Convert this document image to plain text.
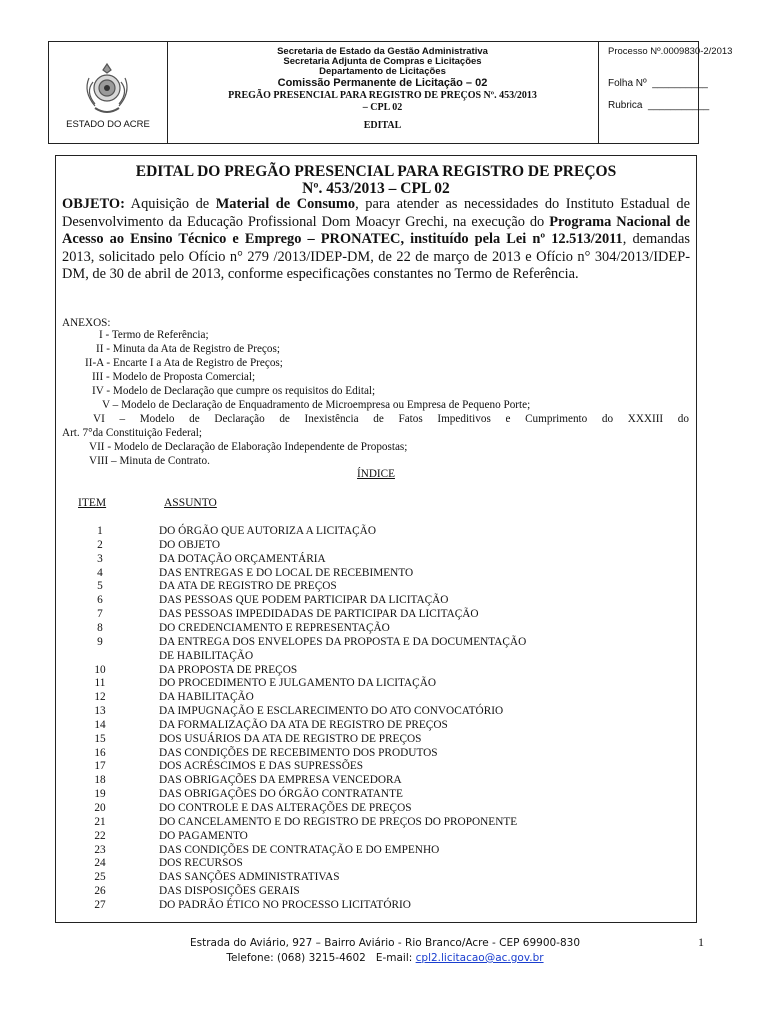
ESTADO DO ACRE
Secretaria de Estado da Gestão Administrativa
Secretaria Adjunta de Compras e Licitações
Departamento de Licitações
Comissão Permanente de Licitação – 02
PREGÃO PRESENCIAL PARA REGISTRO DE PREÇOS Nº. 453/2013
– CPL 02
EDITAL
Processo Nº.0009830-2/2013
Folha Nº  __________
Rubrica  ___________
EDITAL DO PREGÃO PRESENCIAL PARA REGISTRO DE PREÇOS
Nº. 453/2013 – CPL 02
OBJETO: Aquisição de Material de Consumo, para atender as necessidades do Instituto Estadual de Desenvolvimento da Educação Profissional Dom Moacyr Grechi, na execução do Programa Nacional de Acesso ao Ensino Técnico e Emprego – PRONATEC, instituído pela Lei nº 12.513/2011, demandas 2013, solicitado pelo Ofício n° 279 /2013/IDEP-DM, de 22 de março de 2013 e Ofício n° 304/2013/IDEP-DM, de 30 de abril de 2013, conforme especificações constantes no Termo de Referência.
ANEXOS:
I - Termo de Referência;
II - Minuta da Ata de Registro de Preços;
II-A - Encarte I a Ata de Registro de Preços;
III - Modelo de Proposta Comercial;
IV - Modelo de Declaração que cumpre os requisitos do Edital;
V – Modelo de Declaração de Enquadramento de Microempresa ou Empresa de Pequeno Porte;
VI – Modelo de Declaração de Inexistência de Fatos Impeditivos e Cumprimento do XXXIII do
Art. 7°da Constituição Federal;
VII - Modelo de Declaração de Elaboração Independente de Propostas;
VIII – Minuta de Contrato.
ÍNDICE
ITEM	ASSUNTO
1	DO ÓRGÃO QUE AUTORIZA A LICITAÇÃO
2	DO OBJETO
3	DA DOTAÇÃO ORÇAMENTÁRIA
4	DAS ENTREGAS E DO LOCAL DE RECEBIMENTO
5	DA ATA DE REGISTRO DE PREÇOS
6	DAS PESSOAS QUE PODEM PARTICIPAR DA LICITAÇÃO
7	DAS PESSOAS IMPEDIDADAS DE PARTICIPAR DA LICITAÇÃO
8	DO CREDENCIAMENTO E REPRESENTAÇÃO
9	DA ENTREGA DOS ENVELOPES DA PROPOSTA E DA DOCUMENTAÇÃO
DE HABILITAÇÃO
10	DA PROPOSTA DE PREÇOS
11	DO PROCEDIMENTO E JULGAMENTO DA LICITAÇÃO
12	DA HABILITAÇÃO
13	DA IMPUGNAÇÃO E ESCLARECIMENTO DO ATO CONVOCATÓRIO
14	DA FORMALIZAÇÃO DA ATA DE REGISTRO DE PREÇOS
15	DOS USUÁRIOS DA ATA DE REGISTRO DE PREÇOS
16	DAS CONDIÇÕES DE RECEBIMENTO DOS PRODUTOS
17	DOS ACRÉSCIMOS E DAS SUPRESSÕES
18	DAS OBRIGAÇÕES DA EMPRESA VENCEDORA
19	DAS OBRIGAÇÕES DO ÓRGÃO CONTRATANTE
20	DO CONTROLE E DAS ALTERAÇÕES DE PREÇOS
21	DO CANCELAMENTO E DO REGISTRO DE PREÇOS DO PROPONENTE
22	DO PAGAMENTO
23	DAS CONDIÇÕES DE CONTRATAÇÃO E DO EMPENHO
24	DOS RECURSOS
25	DAS SANÇÕES ADMINISTRATIVAS
26	DAS DISPOSIÇÕES GERAIS
27	DO PADRÃO ÉTICO NO PROCESSO LICITATÓRIO
Estrada do Aviário, 927 – Bairro Aviário - Rio Branco/Acre - CEP 69900-830
Telefone: (068) 3215-4602   E-mail: cpl2.licitacao@ac.gov.br
1
